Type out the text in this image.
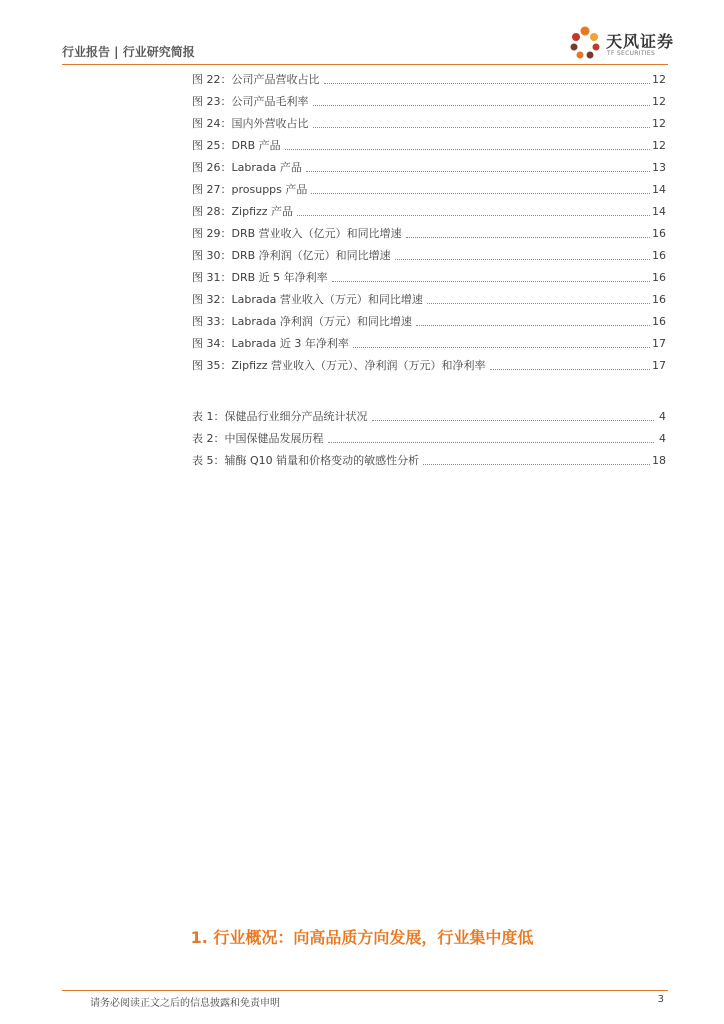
行业报告 | 行业研究简报
天风证券
TF SECURITIES
图 22：公司产品营收占比	12
图 23：公司产品毛利率	12
图 24：国内外营收占比	12
图 25：DRB 产品	12
图 26：Labrada 产品	13
图 27：prosupps 产品	14
图 28：Zipfizz 产品	14
图 29：DRB 营业收入（亿元）和同比增速	16
图 30：DRB 净利润（亿元）和同比增速	16
图 31：DRB 近 5 年净利率	16
图 32：Labrada 营业收入（万元）和同比增速	16
图 33：Labrada 净利润（万元）和同比增速	16
图 34：Labrada 近 3 年净利率	17
图 35：Zipfizz 营业收入（万元）、净利润（万元）和净利率	17
表 1：保健品行业细分产品统计状况	4
表 2：中国保健品发展历程	4
表 5：辅酶 Q10 销量和价格变动的敏感性分析	18
1. 行业概况：向高品质方向发展，行业集中度低
请务必阅读正文之后的信息披露和免责申明	3
